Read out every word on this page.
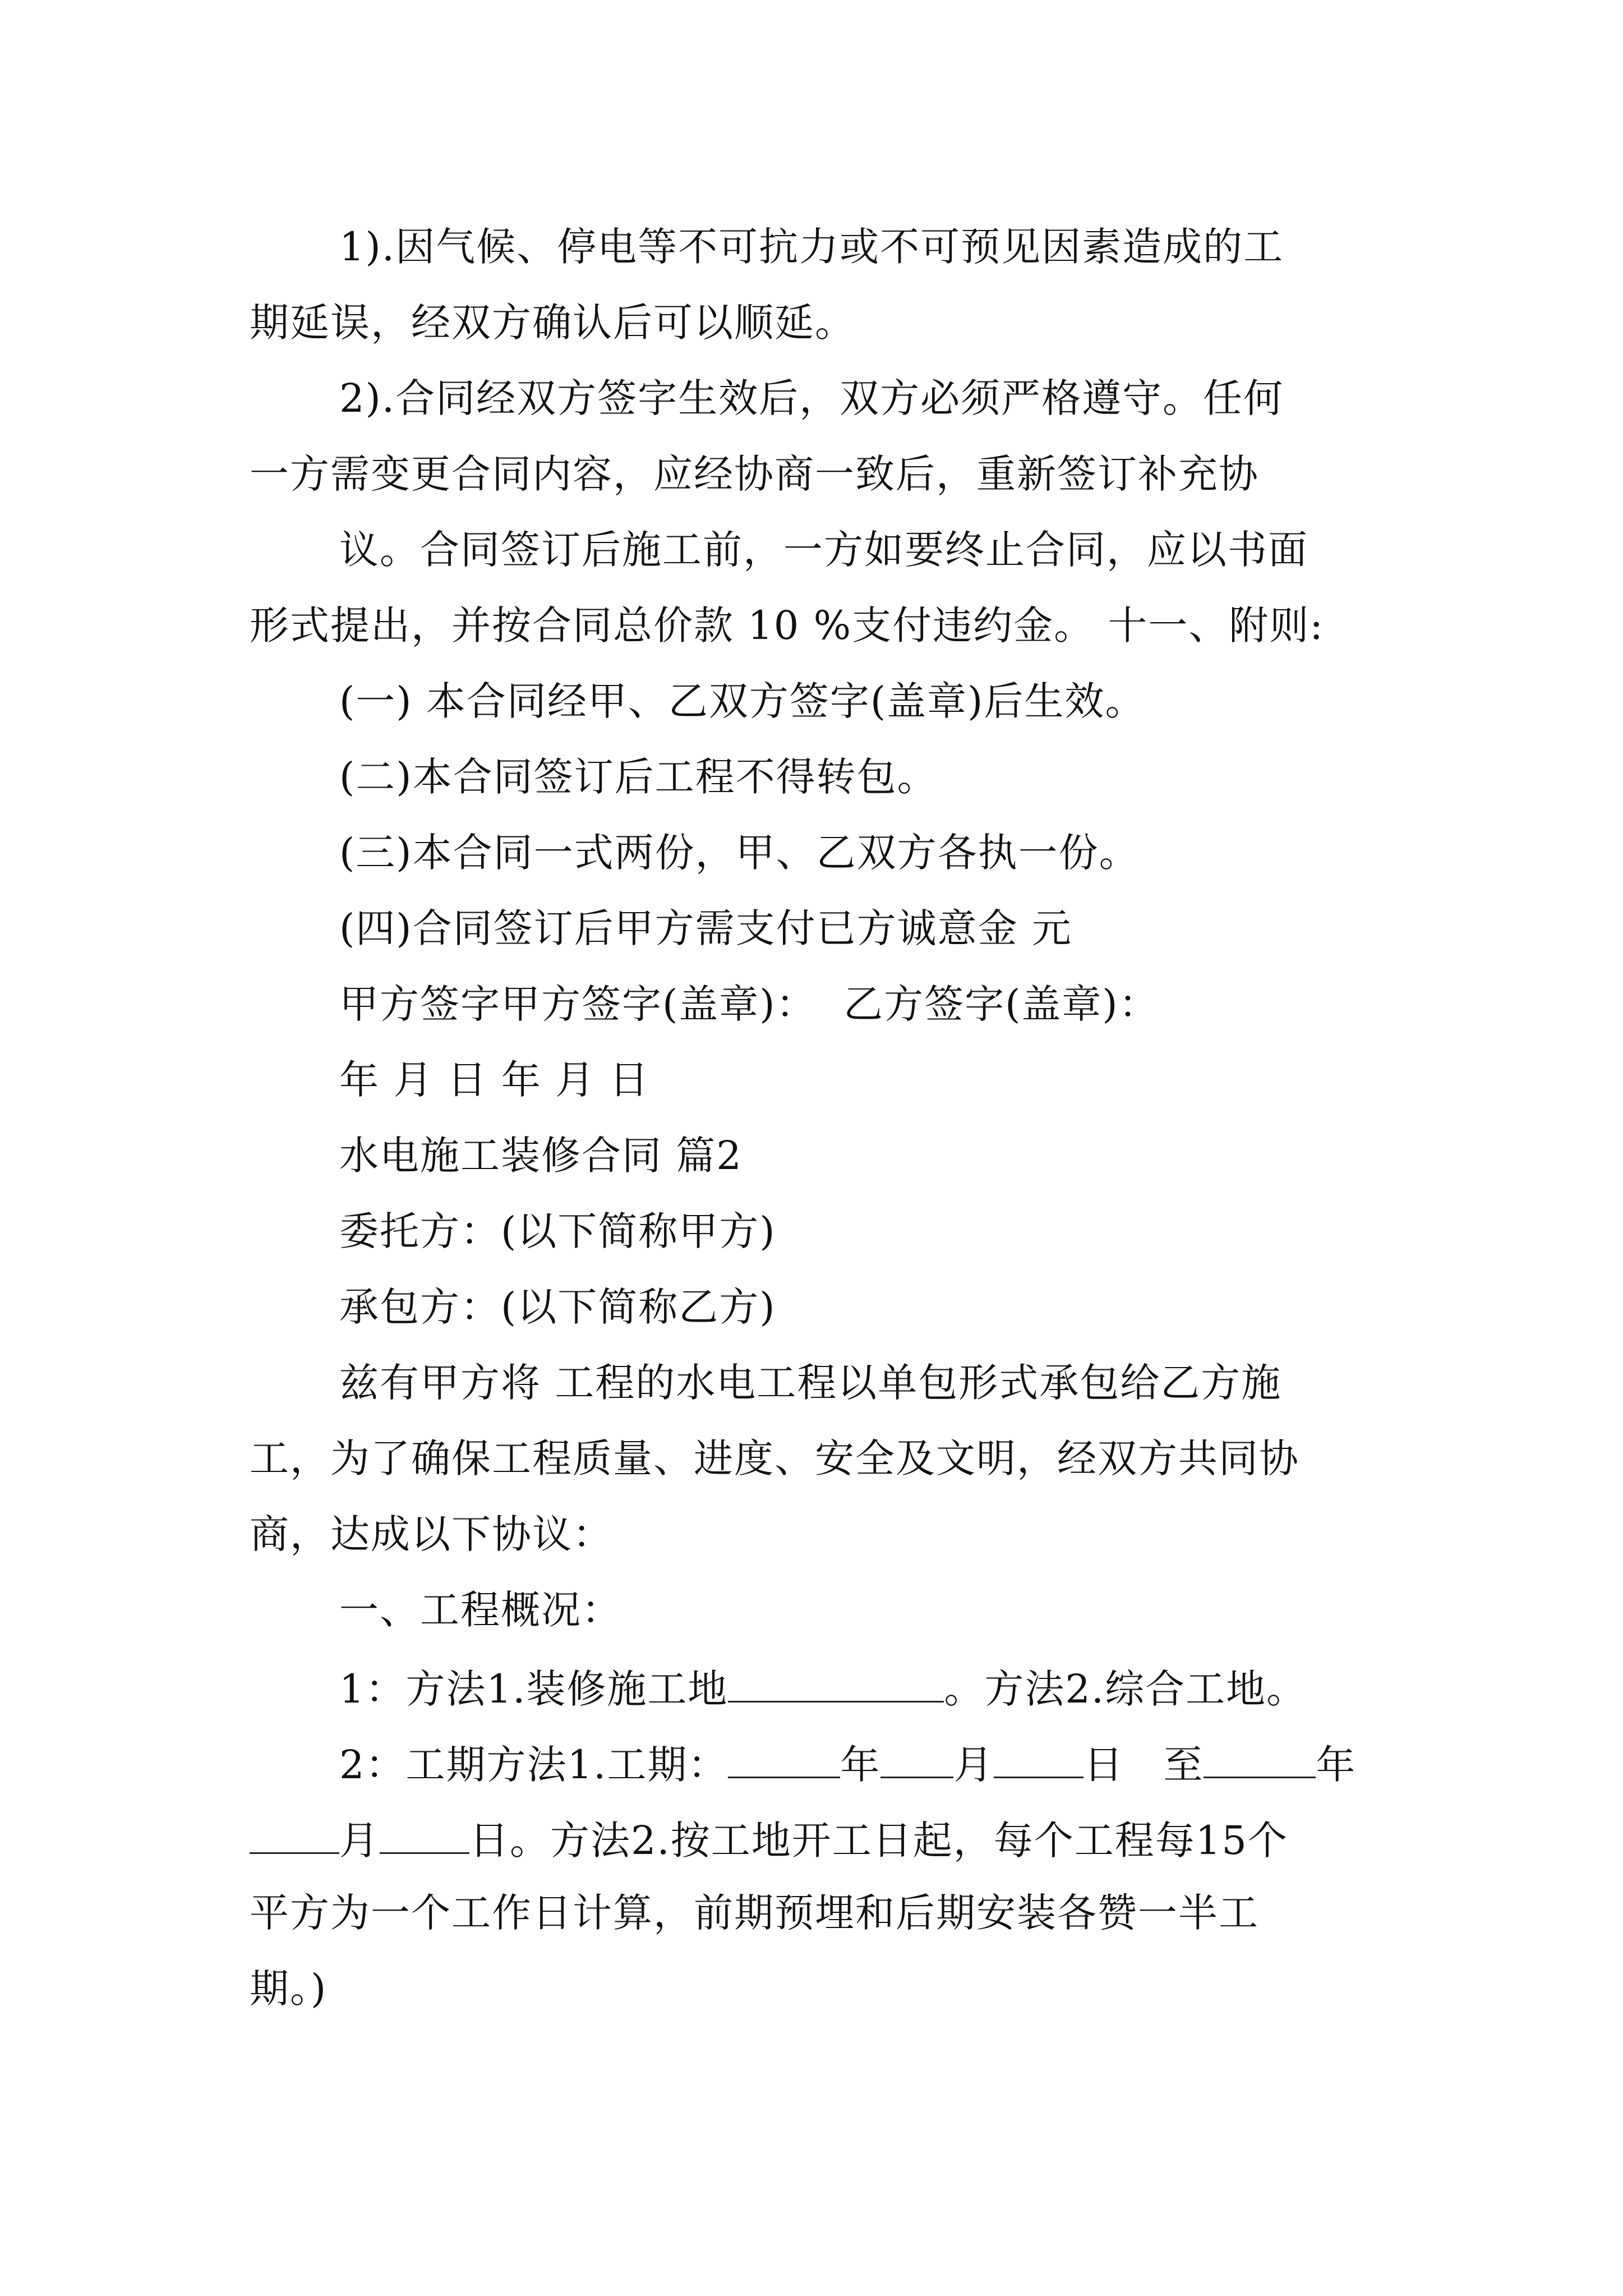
1).因气候、停电等不可抗力或不可预见因素造成的工

期延误，经双方确认后可以顺延。

2).合同经双方签字生效后，双方必须严格遵守。任何

一方需变更合同内容，应经协商一致后，重新签订补充协

议。合同签订后施工前，一方如要终止合同，应以书面

形式提出，并按合同总价款 10 %支付违约金。 十一、附则:

(一) 本合同经甲、乙双方签字(盖章)后生效。

(二)本合同签订后工程不得转包。

(三)本合同一式两份，甲、乙双方各执一份。

(四)合同签订后甲方需支付已方诚意金 元

甲方签字甲方签字(盖章)：  乙方签字(盖章)：

年 月 日 年 月 日

水电施工装修合同 篇2

委托方：(以下简称甲方)

承包方：(以下简称乙方)

兹有甲方将 工程的水电工程以单包形式承包给乙方施

工，为了确保工程质量、进度、安全及文明，经双方共同协

商，达成以下协议：

一、工程概况：

1：方法1.装修施工地	。方法2.综合工地。

2：工期方法1.工期：	年 月 日 至	年

月 日。方法2.按工地开工日起，每个工程每15个

平方为一个工作日计算，前期预埋和后期安装各赞一半工

期。)
